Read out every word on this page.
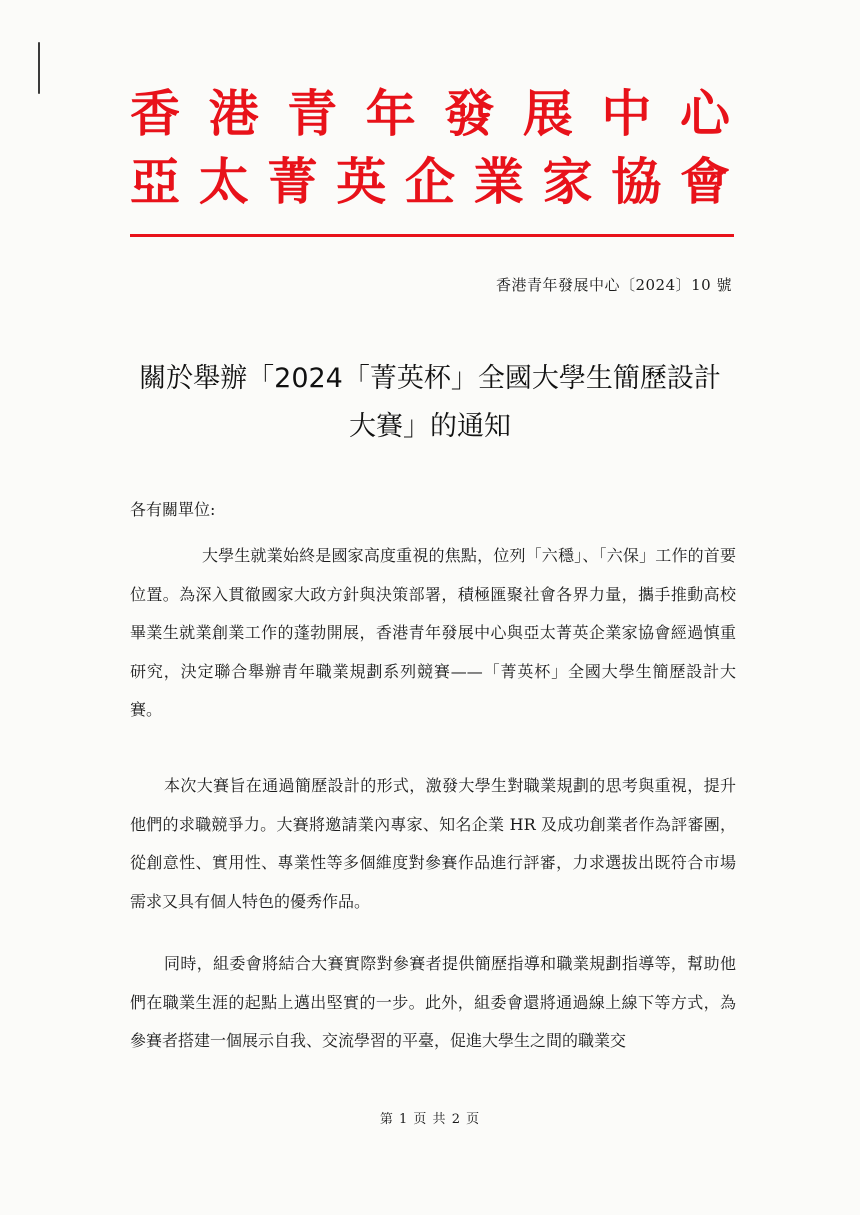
香 港 青 年 發 展 中 心
亞 太 菁 英 企 業 家 協 會
香港青年發展中心〔2024〕10 號
關於舉辦「2024「菁英杯」全國大學生簡歷設計
大賽」的通知
各有關單位:

大學生就業始終是國家高度重視的焦點，位列「六穩」、「六保」工作的首要位置。為深入貫徹國家大政方針與決策部署，積極匯聚社會各界力量，攜手推動高校畢業生就業創業工作的蓬勃開展，香港青年發展中心與亞太菁英企業家協會經過慎重研究，決定聯合舉辦青年職業規劃系列競賽——「菁英杯」全國大學生簡歷設計大賽。

本次大賽旨在通過簡歷設計的形式，激發大學生對職業規劃的思考與重視，提升他們的求職競爭力。大賽將邀請業內專家、知名企業 HR 及成功創業者作為評審團，從創意性、實用性、專業性等多個維度對參賽作品進行評審，力求選拔出既符合市場需求又具有個人特色的優秀作品。

同時，組委會將結合大賽實際對參賽者提供簡歷指導和職業規劃指導等，幫助他們在職業生涯的起點上邁出堅實的一步。此外，組委會還將通過線上線下等方式，為參賽者搭建一個展示自我、交流學習的平臺，促進大學生之間的職業交

第 1 页 共 2 页
